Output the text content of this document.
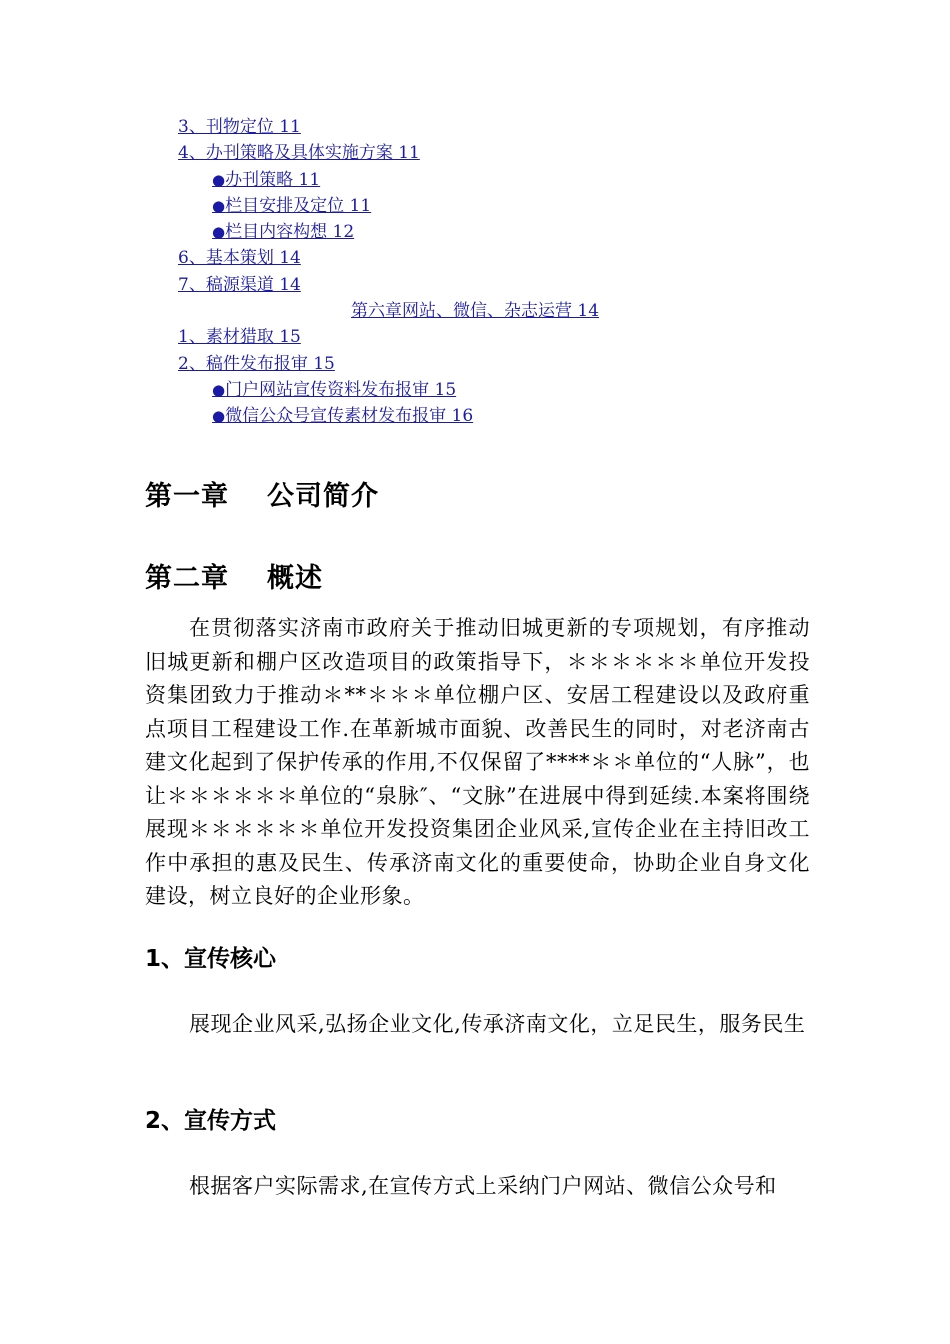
3、刊物定位 11
4、办刊策略及具体实施方案 11
●办刊策略 11
●栏目安排及定位 11
●栏目内容构想 12
6、基本策划 14
7、稿源渠道 14
第六章网站、微信、杂志运营 14
1、素材猎取 15
2、稿件发布报审 15
●门户网站宣传资料发布报审 15
●微信公众号宣传素材发布报审 16
第一章 公司简介
第二章 概述

在贯彻落实济南市政府关于推动旧城更新的专项规划，有序推动旧城更新和棚户区改造项目的政策指导下，＊＊＊＊＊＊单位开发投资集团致力于推动＊**＊＊＊单位棚户区、安居工程建设以及政府重点项目工程建设工作.在革新城市面貌、改善民生的同时，对老济南古建文化起到了保护传承的作用,不仅保留了****＊＊单位的“人脉”，也让＊＊＊＊＊＊单位的“泉脉″、“文脉”在进展中得到延续.本案将围绕展现＊＊＊＊＊＊单位开发投资集团企业风采,宣传企业在主持旧改工作中承担的惠及民生、传承济南文化的重要使命，协助企业自身文化建设，树立良好的企业形象。

1、宣传核心

展现企业风采,弘扬企业文化,传承济南文化，立足民生，服务民生

2、宣传方式

根据客户实际需求,在宣传方式上采纳门户网站、微信公众号和
